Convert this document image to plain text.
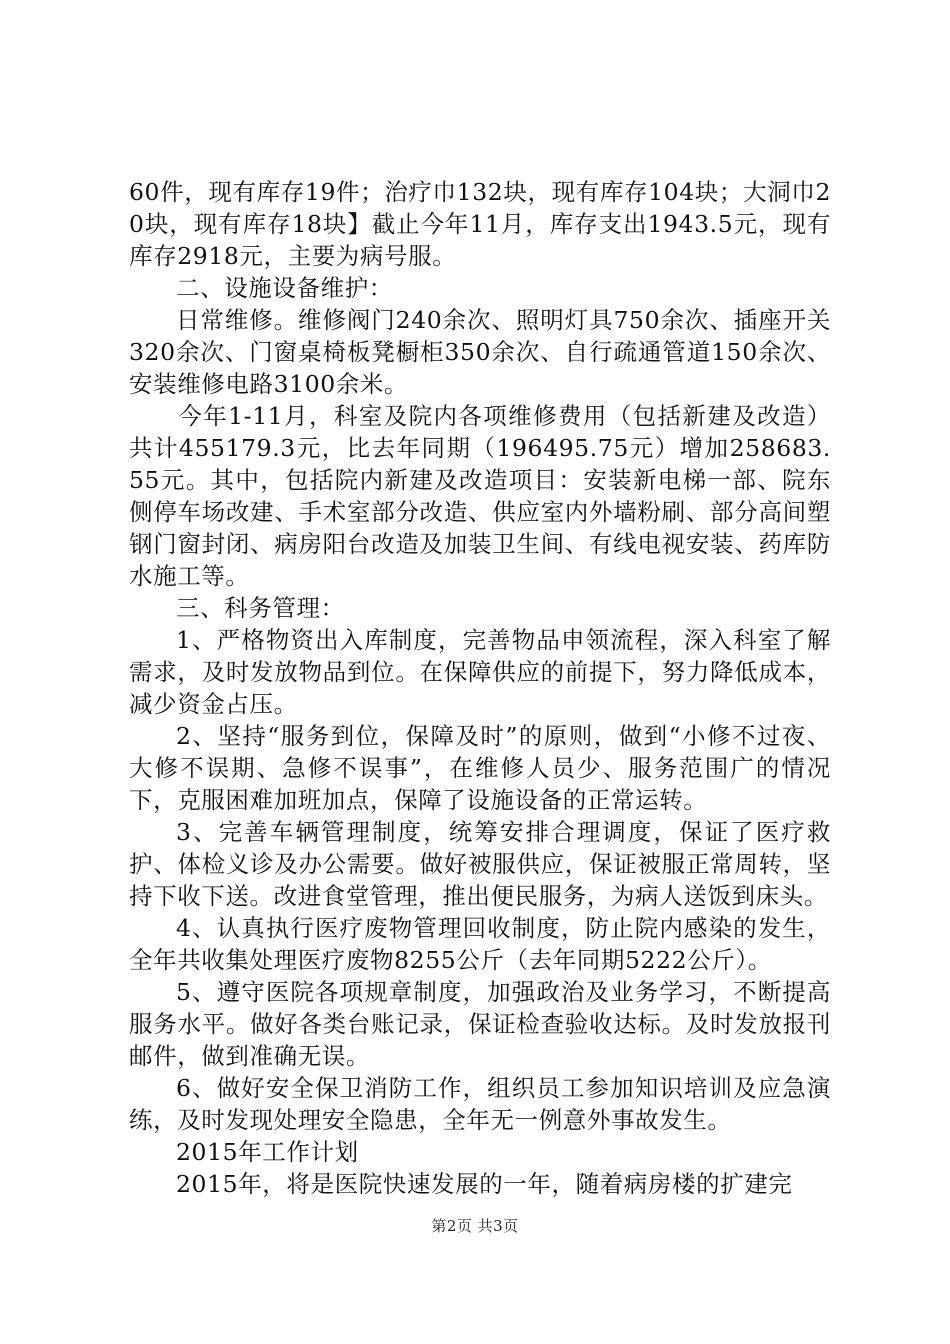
60件，现有库存19件；治疗巾132块，现有库存104块；大洞巾20块，现有库存18块】截止今年11月，库存支出1943.5元，现有库存2918元，主要为病号服。

二、设施设备维护：

日常维修。维修阀门240余次、照明灯具750余次、插座开关320余次、门窗桌椅板凳橱柜350余次、自行疏通管道150余次、安装维修电路3100余米。

今年1-11月，科室及院内各项维修费用（包括新建及改造）共计455179.3元，比去年同期（196495.75元）增加258683.55元。其中，包括院内新建及改造项目：安装新电梯一部、院东侧停车场改建、手术室部分改造、供应室内外墙粉刷、部分高间塑钢门窗封闭、病房阳台改造及加装卫生间、有线电视安装、药库防水施工等。

三、科务管理：

1、严格物资出入库制度，完善物品申领流程，深入科室了解需求，及时发放物品到位。在保障供应的前提下，努力降低成本，减少资金占压。

2、坚持“服务到位，保障及时”的原则，做到“小修不过夜、大修不误期、急修不误事”，在维修人员少、服务范围广的情况下，克服困难加班加点，保障了设施设备的正常运转。

3、完善车辆管理制度，统筹安排合理调度，保证了医疗救护、体检义诊及办公需要。做好被服供应，保证被服正常周转，坚持下收下送。改进食堂管理，推出便民服务，为病人送饭到床头。

4、认真执行医疗废物管理回收制度，防止院内感染的发生，全年共收集处理医疗废物8255公斤（去年同期5222公斤）。

5、遵守医院各项规章制度，加强政治及业务学习，不断提高服务水平。做好各类台账记录，保证检查验收达标。及时发放报刊邮件，做到准确无误。

6、做好安全保卫消防工作，组织员工参加知识培训及应急演练，及时发现处理安全隐患，全年无一例意外事故发生。

2015年工作计划

2015年，将是医院快速发展的一年，随着病房楼的扩建完

第2页 共3页
